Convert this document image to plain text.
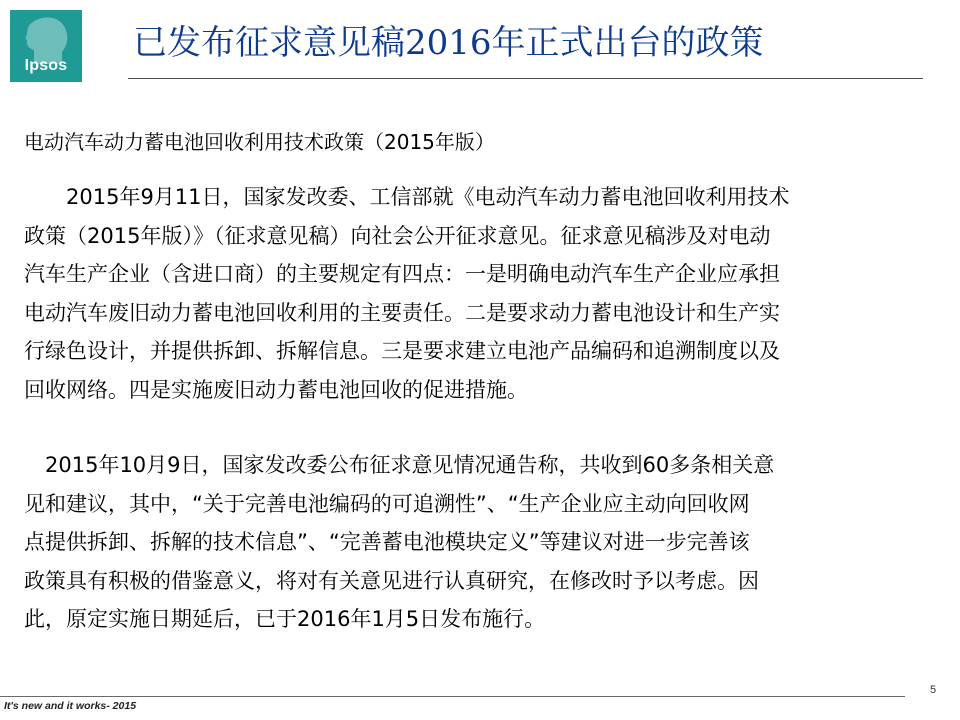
Ipsos
已发布征求意见稿2016年正式出台的政策
电动汽车动力蓄电池回收利用技术政策（2015年版）
　　2015年9月11日，国家发改委、工信部就《电动汽车动力蓄电池回收利用技术
政策（2015年版）》（征求意见稿）向社会公开征求意见。征求意见稿涉及对电动
汽车生产企业（含进口商）的主要规定有四点：一是明确电动汽车生产企业应承担
电动汽车废旧动力蓄电池回收利用的主要责任。二是要求动力蓄电池设计和生产实
行绿色设计，并提供拆卸、拆解信息。三是要求建立电池产品编码和追溯制度以及
回收网络。四是实施废旧动力蓄电池回收的促进措施。
　2015年10月9日，国家发改委公布征求意见情况通告称，共收到60多条相关意
见和建议，其中，“关于完善电池编码的可追溯性”、“生产企业应主动向回收网
点提供拆卸、拆解的技术信息”、“完善蓄电池模块定义”等建议对进一步完善该
政策具有积极的借鉴意义，将对有关意见进行认真研究，在修改时予以考虑。因
此，原定实施日期延后，已于2016年1月5日发布施行。
5
It's new and it works- 2015
